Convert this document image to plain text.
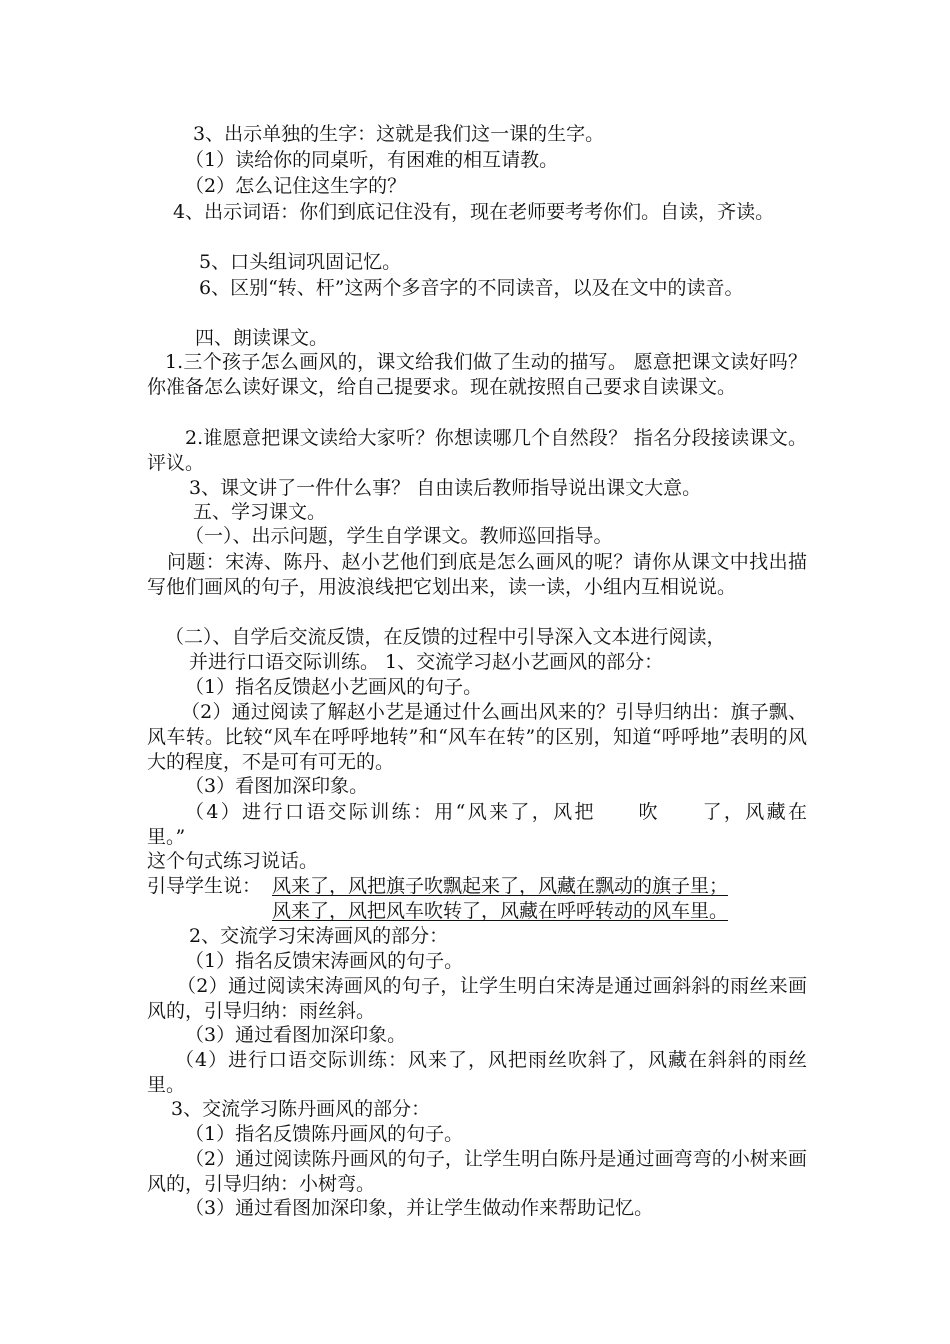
3、出示单独的生字：这就是我们这一课的生字。

（1）读给你的同桌听，有困难的相互请教。

（2）怎么记住这生字的？

4、出示词语：你们到底记住没有，现在老师要考考你们。自读，齐读。

5、口头组词巩固记忆。

6、区别“转、杆”这两个多音字的不同读音，以及在文中的读音。

四、朗读课文。

1.三个孩子怎么画风的，课文给我们做了生动的描写。 愿意把课文读好吗？你准备怎么读好课文，给自己提要求。现在就按照自己要求自读课文。

2.谁愿意把课文读给大家听？你想读哪几个自然段？ 指名分段接读课文。评议。

3、课文讲了一件什么事？ 自由读后教师指导说出课文大意。

五、学习课文。

（一）、出示问题，学生自学课文。教师巡回指导。

问题：宋涛、陈丹、赵小艺他们到底是怎么画风的呢？请你从课文中找出描写他们画风的句子，用波浪线把它划出来，读一读，小组内互相说说。

（二）、自学后交流反馈，在反馈的过程中引导深入文本进行阅读，

并进行口语交际训练。 1、交流学习赵小艺画风的部分：

（1）指名反馈赵小艺画风的句子。

（2）通过阅读了解赵小艺是通过什么画出风来的？引导归纳出：旗子飘、风车转。比较“风车在呼呼地转”和“风车在转”的区别，知道“呼呼地”表明的风大的程度，不是可有可无的。

（3）看图加深印象。

（4）进行口语交际训练：用“风来了，风把　　吹　　了，风藏在　　里。”

这个句式练习说话。

引导学生说： 风来了，风把旗子吹飘起来了，风藏在飘动的旗子里；
风来了，风把风车吹转了，风藏在呼呼转动的风车里。

2、交流学习宋涛画风的部分：

（1）指名反馈宋涛画风的句子。

（2）通过阅读宋涛画风的句子，让学生明白宋涛是通过画斜斜的雨丝来画风的，引导归纳：雨丝斜。

（3）通过看图加深印象。

（4）进行口语交际训练：风来了，风把雨丝吹斜了，风藏在斜斜的雨丝里。

3、交流学习陈丹画风的部分：

（1）指名反馈陈丹画风的句子。

（2）通过阅读陈丹画风的句子，让学生明白陈丹是通过画弯弯的小树来画风的，引导归纳：小树弯。

（3）通过看图加深印象，并让学生做动作来帮助记忆。
